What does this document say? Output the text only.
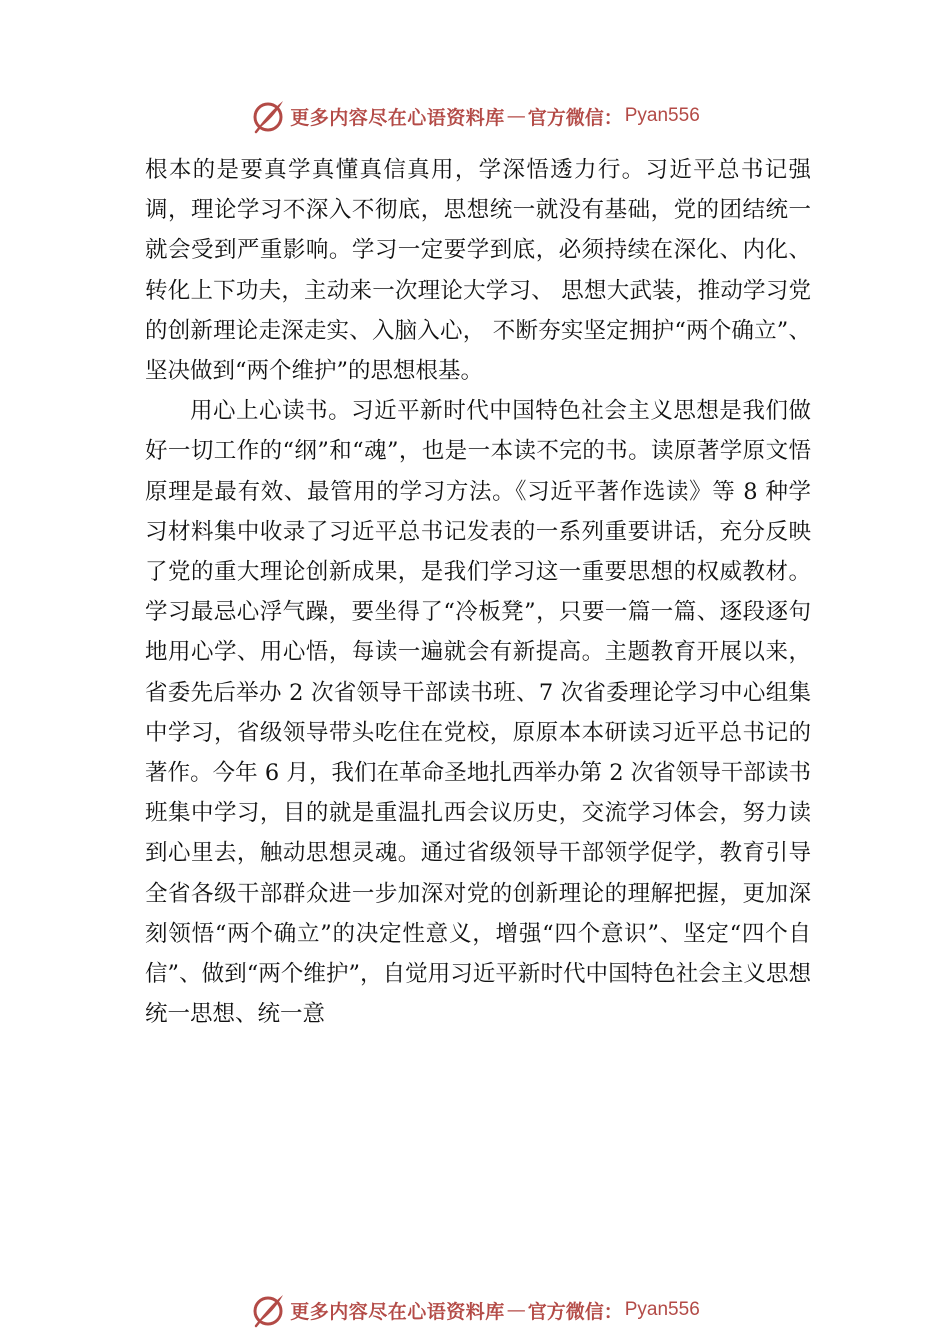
更多内容尽在心语资料库 — 官方微信： Pyan556

根本的是要真学真懂真信真用，学深悟透力行。习近平总书记强调，理论学习不深入不彻底，思想统一就没有基础，党的团结统一就会受到严重影响。学习一定要学到底，必须持续在深化、内化、转化上下功夫，主动来一次理论大学习、 思想大武装，推动学习党的创新理论走深走实、入脑入心， 不断夯实坚定拥护“两个确立”、坚决做到“两个维护”的思想根基。

用心上心读书。习近平新时代中国特色社会主义思想是我们做好一切工作的“纲”和“魂”，也是一本读不完的书。读原著学原文悟原理是最有效、最管用的学习方法。《习近平著作选读》等 8 种学习材料集中收录了习近平总书记发表的一系列重要讲话，充分反映了党的重大理论创新成果，是我们学习这一重要思想的权威教材。学习最忌心浮气躁，要坐得了“冷板凳”，只要一篇一篇、逐段逐句地用心学、用心悟，每读一遍就会有新提高。主题教育开展以来，省委先后举办 2 次省领导干部读书班、7 次省委理论学习中心组集中学习，省级领导带头吃住在党校，原原本本研读习近平总书记的著作。今年 6 月，我们在革命圣地扎西举办第 2 次省领导干部读书班集中学习，目的就是重温扎西会议历史，交流学习体会，努力读到心里去，触动思想灵魂。通过省级领导干部领学促学，教育引导全省各级干部群众进一步加深对党的创新理论的理解把握，更加深刻领悟“两个确立”的决定性意义，增强“四个意识”、坚定“四个自信”、做到“两个维护”，自觉用习近平新时代中国特色社会主义思想统一思想、统一意

更多内容尽在心语资料库 — 官方微信： Pyan556
